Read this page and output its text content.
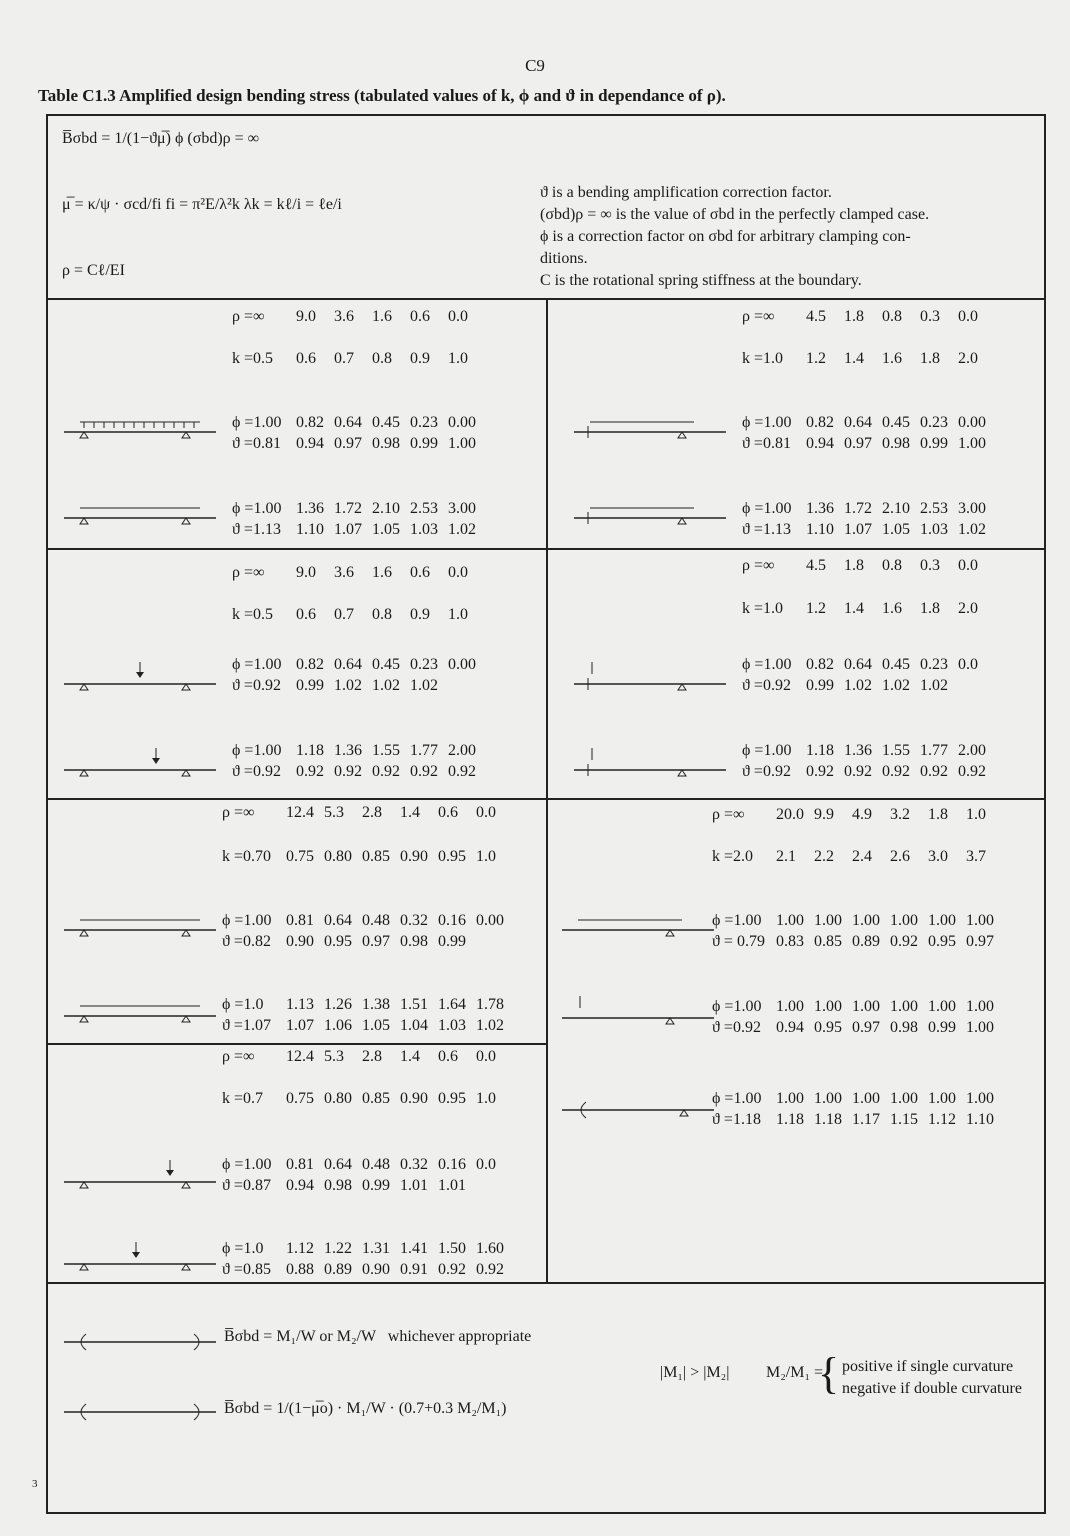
C9
Table C1.3 Amplified design bending stress (tabulated values of k, ϕ and ϑ in dependance of ρ).
B̅σbd = 1/(1−ϑμ̅) ϕ (σbd)ρ = ∞
μ̅ = κ/ψ · σcd/fi fi = π²E/λ²k λk = kℓ/i = ℓe/i
ρ = Cℓ/EI
ϑ is a bending amplification correction factor.
(σbd)ρ = ∞ is the value of σbd in the perfectly clamped case.
ϕ is a correction factor on σbd for arbitrary clamping con-
ditions.
C is the rotational spring stiffness at the boundary.
ρ =∞ 9.0 3.6 1.6 0.6 0.0
k =0.5 0.6 0.7 0.8 0.9 1.0
ϕ =1.00 0.82 0.64 0.45 0.23 0.00
ϑ =0.81 0.94 0.97 0.98 0.99 1.00
ϕ =1.00 1.36 1.72 2.10 2.53 3.00
ϑ =1.13 1.10 1.07 1.05 1.03 1.02
ρ =∞ 4.5 1.8 0.8 0.3 0.0
k =1.0 1.2 1.4 1.6 1.8 2.0
ϕ =1.00 0.82 0.64 0.45 0.23 0.00
ϑ =0.81 0.94 0.97 0.98 0.99 1.00
ϕ =1.00 1.36 1.72 2.10 2.53 3.00
ϑ =1.13 1.10 1.07 1.05 1.03 1.02
ρ =∞ 9.0 3.6 1.6 0.6 0.0
k =0.5 0.6 0.7 0.8 0.9 1.0
ϕ =1.00 0.82 0.64 0.45 0.23 0.00
ϑ =0.92 0.99 1.02 1.02 1.02
ϕ =1.00 1.18 1.36 1.55 1.77 2.00
ϑ =0.92 0.92 0.92 0.92 0.92 0.92
ρ =∞ 4.5 1.8 0.8 0.3 0.0
k =1.0 1.2 1.4 1.6 1.8 2.0
ϕ =1.00 0.82 0.64 0.45 0.23 0.0
ϑ =0.92 0.99 1.02 1.02 1.02
ϕ =1.00 1.18 1.36 1.55 1.77 2.00
ϑ =0.92 0.92 0.92 0.92 0.92 0.92
ρ =∞ 12.4 5.3 2.8 1.4 0.6 0.0
k =0.70 0.75 0.80 0.85 0.90 0.95 1.0
ϕ =1.00 0.81 0.64 0.48 0.32 0.16 0.00
ϑ =0.82 0.90 0.95 0.97 0.98 0.99
ϕ =1.0 1.13 1.26 1.38 1.51 1.64 1.78
ϑ =1.07 1.07 1.06 1.05 1.04 1.03 1.02
ρ =∞ 12.4 5.3 2.8 1.4 0.6 0.0
k =0.7 0.75 0.80 0.85 0.90 0.95 1.0
ϕ =1.00 0.81 0.64 0.48 0.32 0.16 0.0
ϑ =0.87 0.94 0.98 0.99 1.01 1.01
ϕ =1.0 1.12 1.22 1.31 1.41 1.50 1.60
ϑ =0.85 0.88 0.89 0.90 0.91 0.92 0.92
ρ =∞ 20.0 9.9 4.9 3.2 1.8 1.0
k =2.0 2.1 2.2 2.4 2.6 3.0 3.7
ϕ =1.00 1.00 1.00 1.00 1.00 1.00 1.00
ϑ = 0.79 0.83 0.85 0.89 0.92 0.95 0.97
ϕ =1.00 1.00 1.00 1.00 1.00 1.00 1.00
ϑ =0.92 0.94 0.95 0.97 0.98 0.99 1.00
ϕ =1.00 1.00 1.00 1.00 1.00 1.00 1.00
ϑ =1.18 1.18 1.18 1.17 1.15 1.12 1.10
B̅σbd = M₁/W or M₂/W whichever appropriate
B̅σbd = 1/(1−μ̅o) · M₁/W · (0.7+0.3 M₂/M₁)
|M₁| > |M₂| M₂/M₁ =
{ positive if single curvature
negative if double curvature
3
